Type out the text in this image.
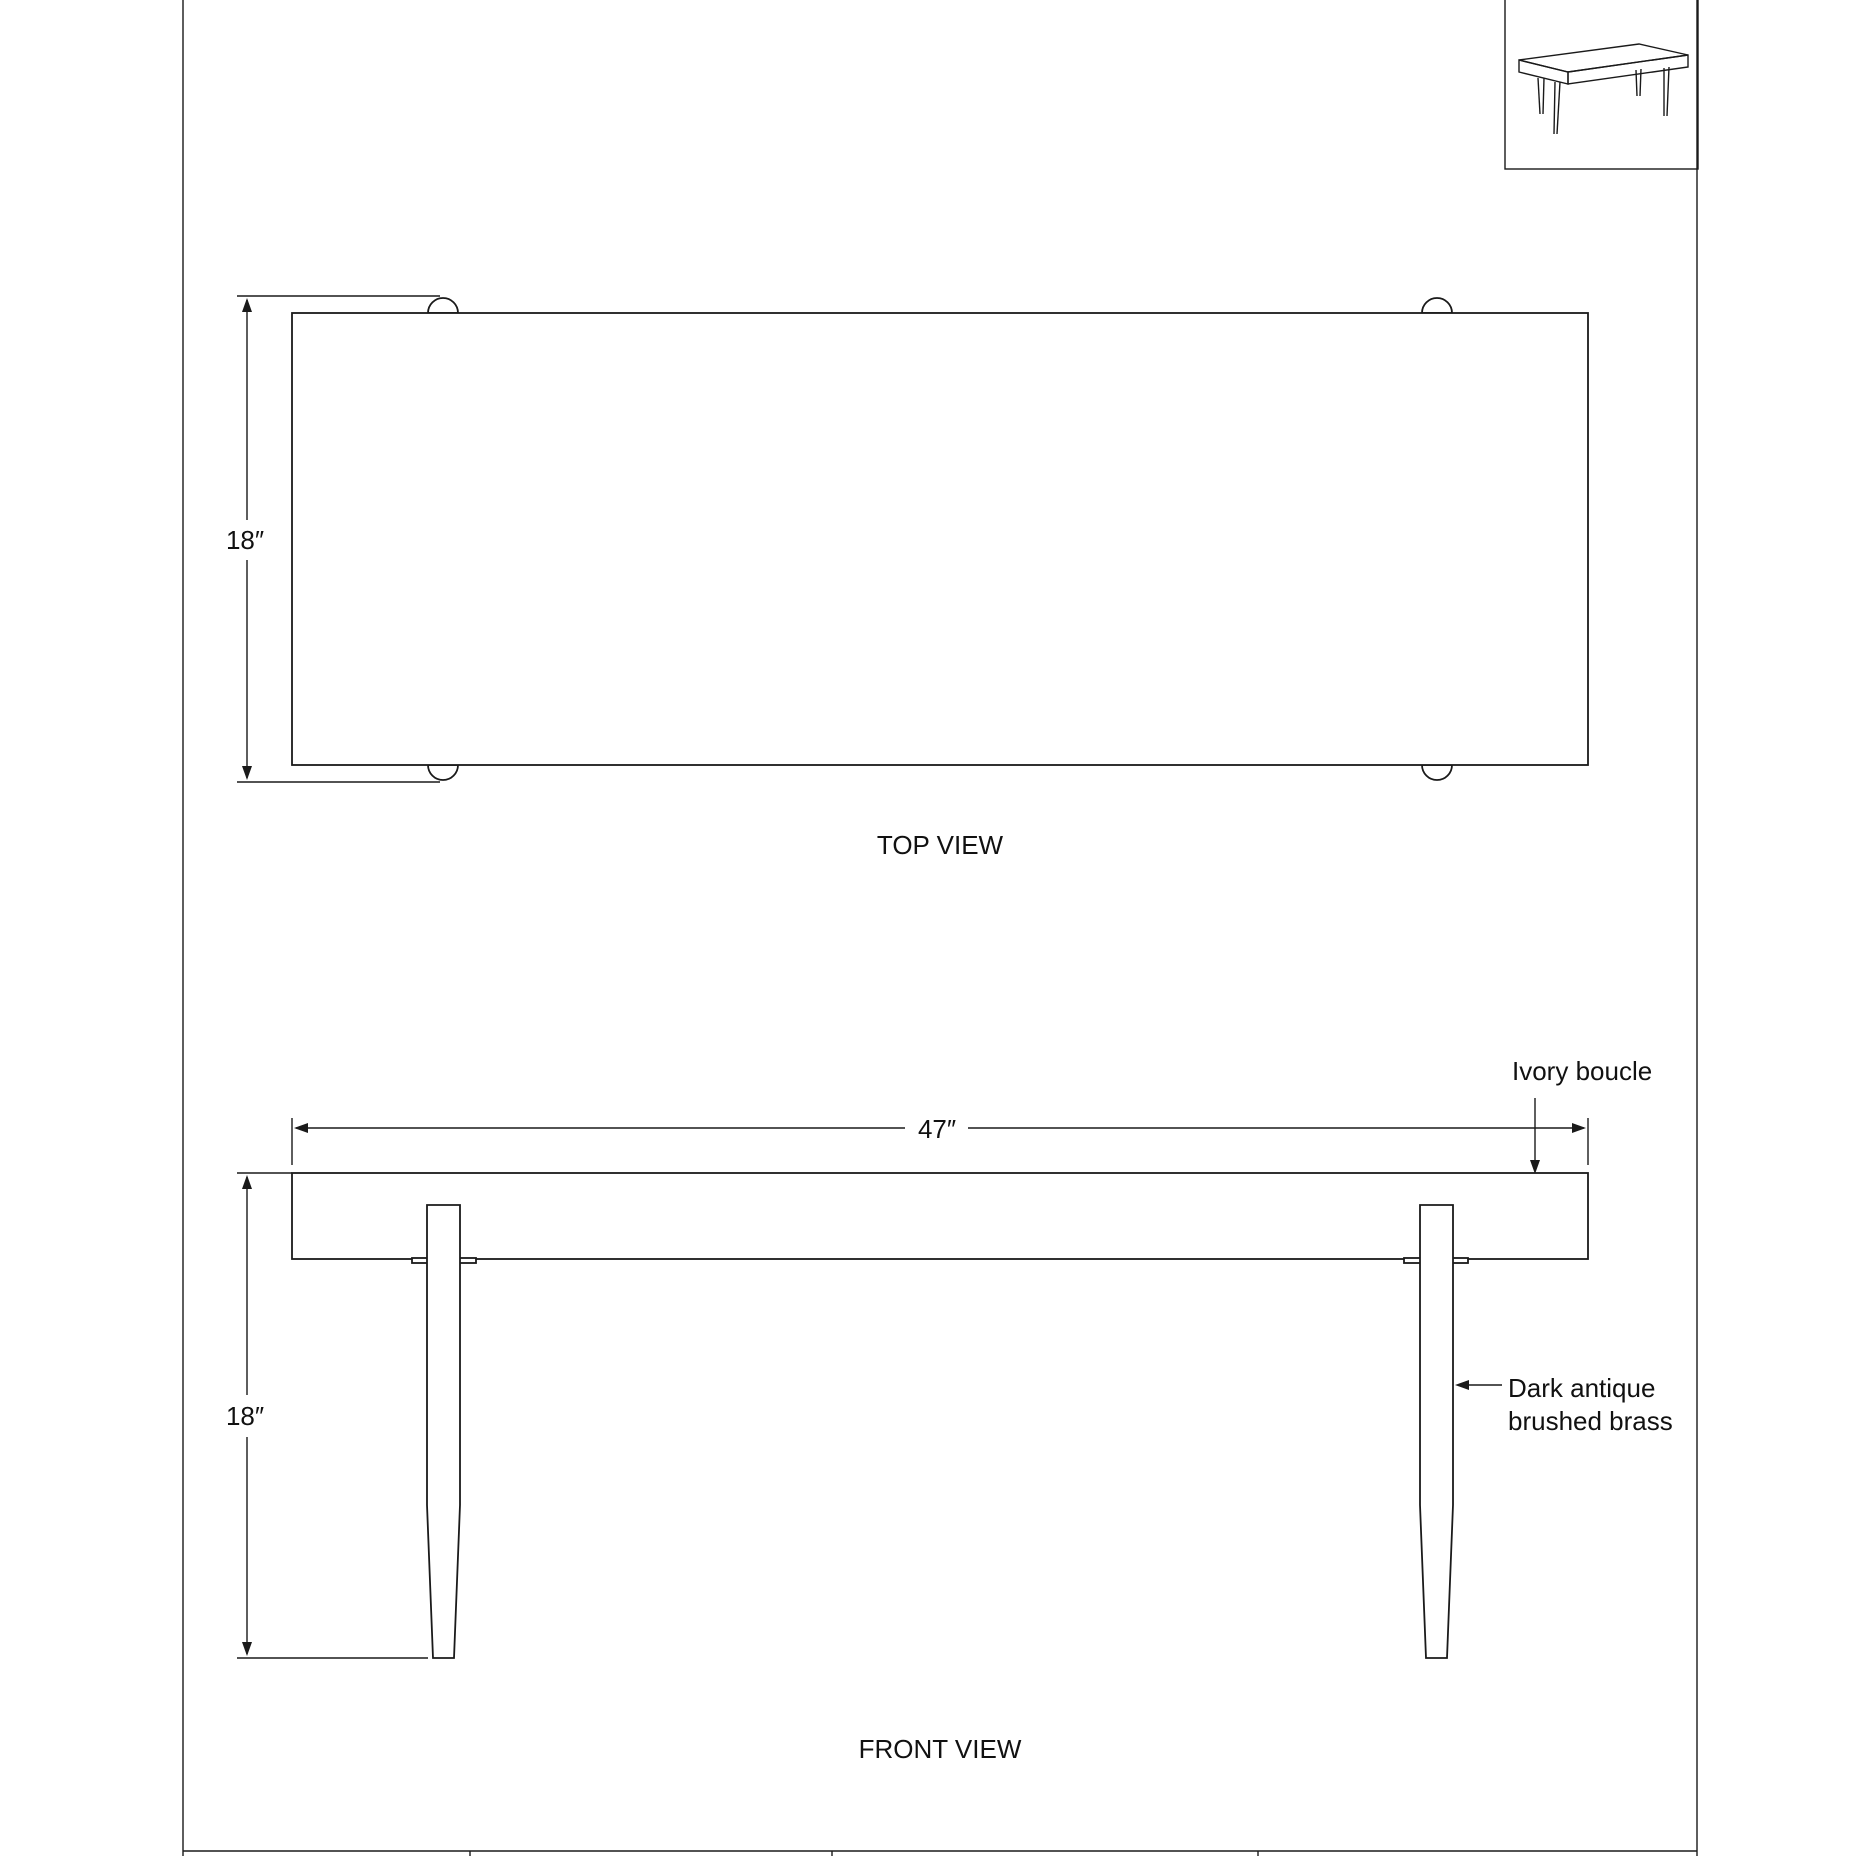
18″
TOP VIEW
47″
Ivory boucle
18″
Dark antique
brushed brass
FRONT VIEW
